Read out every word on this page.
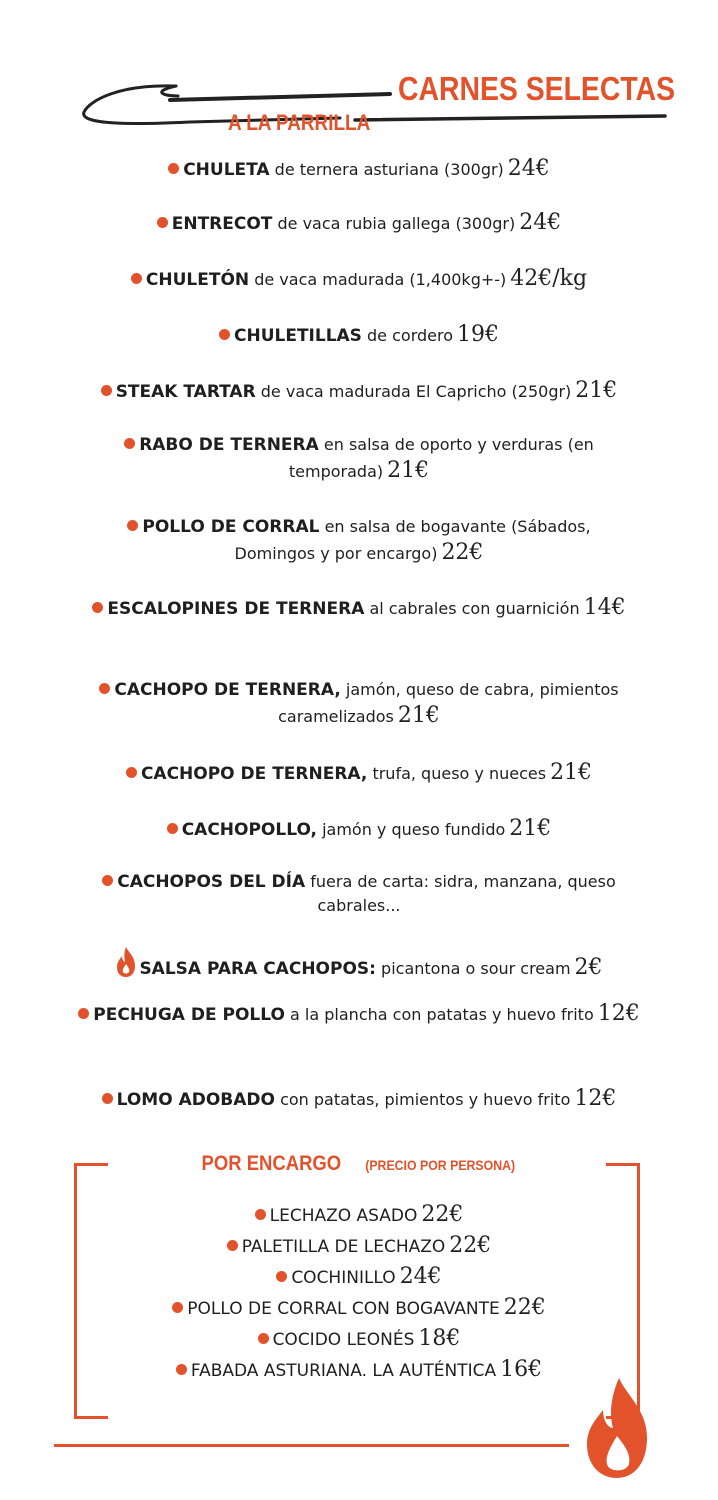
CARNES SELECTAS
A LA PARRILLA
CHULETA de ternera asturiana (300gr) 24€
ENTRECOT de vaca rubia gallega (300gr) 24€
CHULETÓN de vaca madurada (1,400kg+-) 42€/kg
CHULETILLAS de cordero 19€
STEAK TARTAR de vaca madurada El Capricho (250gr) 21€
RABO DE TERNERA en salsa de oporto y verduras (en temporada) 21€
POLLO DE CORRAL en salsa de bogavante (Sábados, Domingos y por encargo) 22€
ESCALOPINES DE TERNERA al cabrales con guarnición 14€
CACHOPO DE TERNERA, jamón, queso de cabra, pimientos caramelizados 21€
CACHOPO DE TERNERA, trufa, queso y nueces 21€
CACHOPOLLO, jamón y queso fundido 21€
CACHOPOS DEL DÍA fuera de carta: sidra, manzana, queso cabrales...
SALSA PARA CACHOPOS: picantona o sour cream 2€
PECHUGA DE POLLO a la plancha con patatas y huevo frito 12€
LOMO ADOBADO con patatas, pimientos y huevo frito 12€
POR ENCARGO (PRECIO POR PERSONA)
LECHAZO ASADO 22€
PALETILLA DE LECHAZO 22€
COCHINILLO 24€
POLLO DE CORRAL CON BOGAVANTE 22€
COCIDO LEONÉS 18€
FABADA ASTURIANA. LA AUTÉNTICA 16€
